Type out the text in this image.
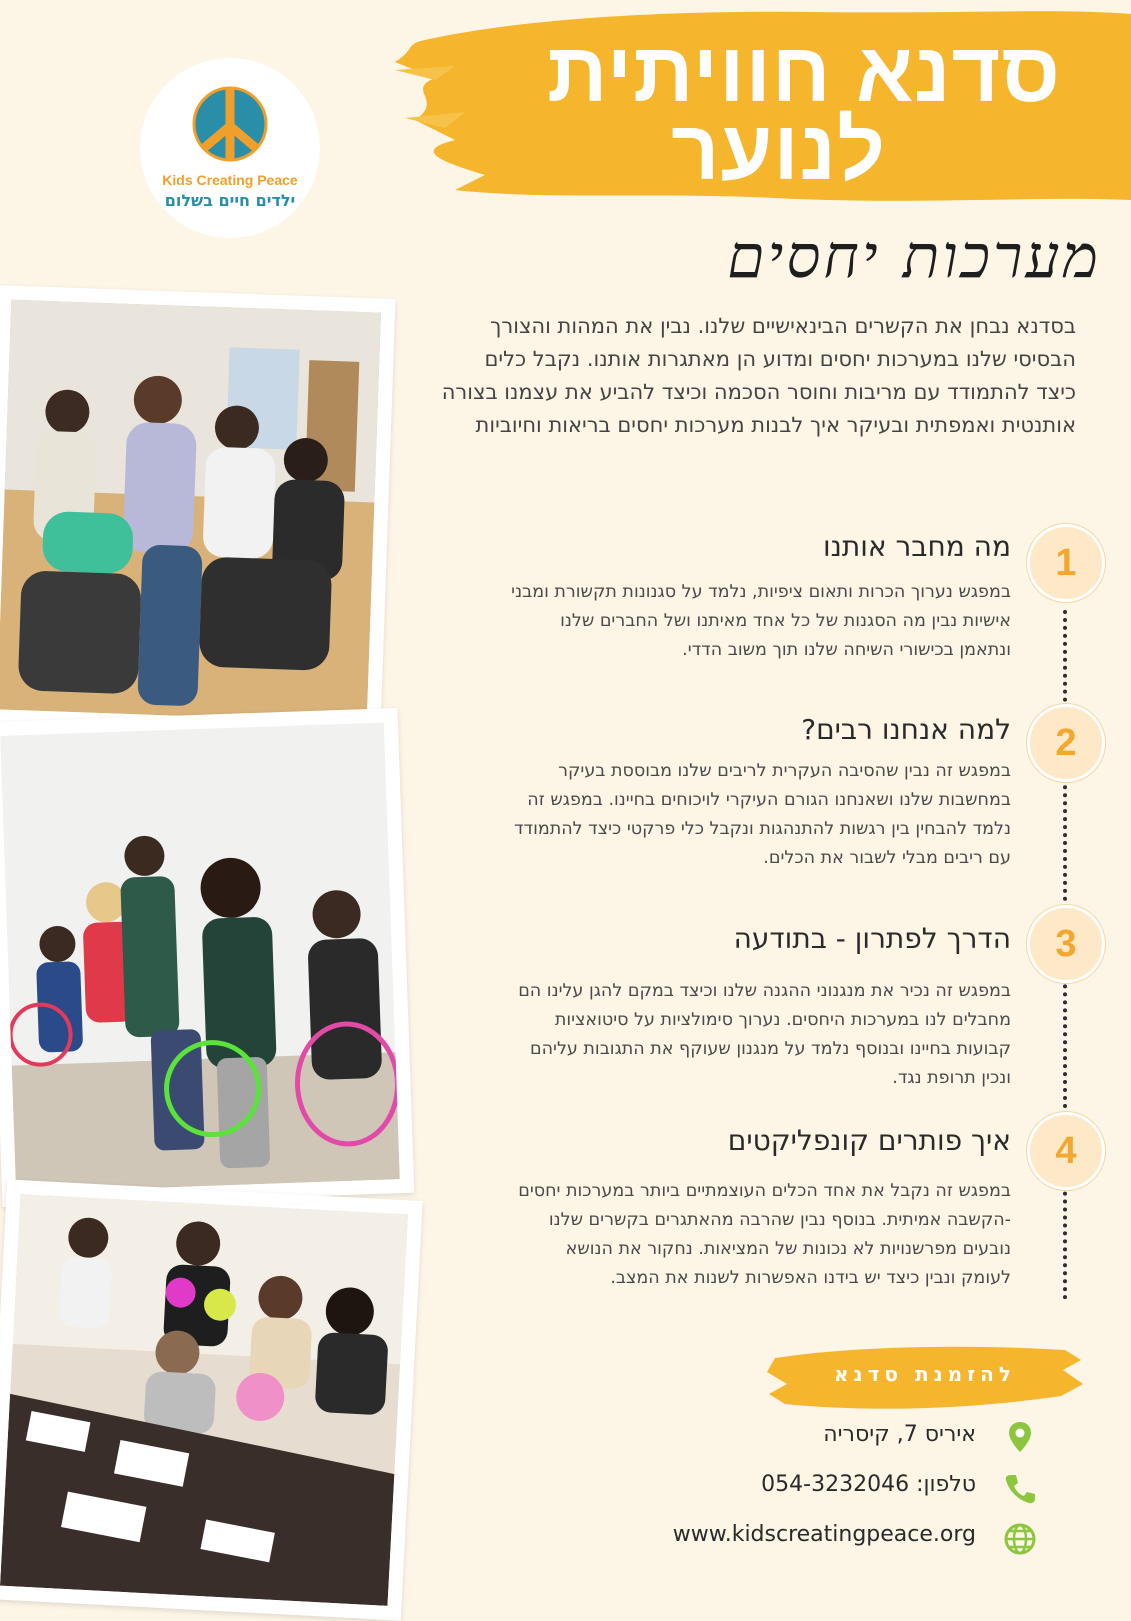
סדנא חוויתית
לנוער
Kids Creating Peace
ילדים חיים בשלום
מערכות יחסים
בסדנא נבחן את הקשרים הבינאישיים שלנו. נבין את המהות והצורך הבסיסי שלנו במערכות יחסים ומדוע הן מאתגרות אותנו. נקבל כלים כיצד להתמודד עם מריבות וחוסר הסכמה וכיצד להביע את עצמנו בצורה אותנטית ואמפתית ובעיקר איך לבנות מערכות יחסים בריאות וחיוביות
1
מה מחבר אותנו
במפגש נערוך הכרות ותאום ציפיות, נלמד על סגנונות תקשורת ומבני אישיות נבין מה הסגנות של כל אחד מאיתנו ושל החברים שלנו ונתאמן בכישורי השיחה שלנו תוך משוב הדדי.
2
למה אנחנו רבים?
במפגש זה נבין שהסיבה העקרית לריבים שלנו מבוססת בעיקר במחשבות שלנו ושאנחנו הגורם העיקרי לויכוחים בחיינו. במפגש זה נלמד להבחין בין רגשות להתנהגות ונקבל כלי פרקטי כיצד להתמודד עם ריבים מבלי לשבור את הכלים.
3
הדרך לפתרון - בתודעה
במפגש זה נכיר את מנגנוני ההגנה שלנו וכיצד במקם להגן עלינו הם מחבלים לנו במערכות היחסים. נערוך סימולציות על סיטואציות קבועות בחיינו ובנוסף נלמד על מנגנון שעוקף את התגובות עליהם ונכין תרופת נגד.
4
איך פותרים קונפליקטים
במפגש זה נקבל את אחד הכלים העוצמתיים ביותר במערכות יחסים -הקשבה אמיתית. בנוסף נבין שהרבה מהאתגרים בקשרים שלנו נובעים מפרשנויות לא נכונות של המציאות. נחקור את הנושא לעומק ונבין כיצד יש בידנו האפשרות לשנות את המצב.
להזמנת סדנא
איריס 7, קיסריה
טלפון: 054-3232046
www.kidscreatingpeace.org
